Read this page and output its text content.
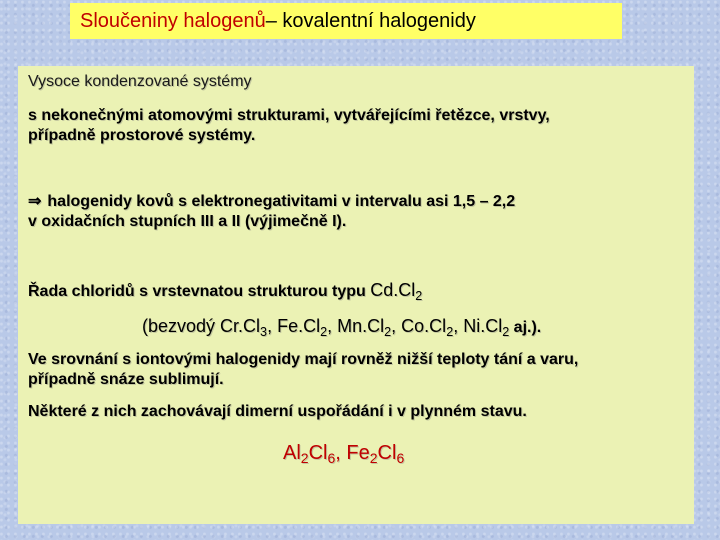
Sloučeniny halogenů – kovalentní halogenidy

Vysoce kondenzované systémy

s nekonečnými atomovými strukturami, vytvářejícími řetězce, vrstvy,
případně prostorové systémy.

⇒ halogenidy kovů s elektronegativitami v intervalu asi 1,5 – 2,2
v oxidačních stupních III a II (výjimečně I).

Řada chloridů s vrstevnatou strukturou typu $Cd.Cl_2$

(bezvodý $Cr.Cl_3$, $Fe.Cl_2$, $Mn.Cl_2$, $Co.Cl_2$, $Ni.Cl_2$ aj.).

Ve srovnání s iontovými halogenidy mají rovněž nižší teploty tání a varu,
případně snáze sublimují.

Některé z nich zachovávají dimerní uspořádání i v plynném stavu.

$Al_2Cl_6$, $Fe_2Cl_6$
